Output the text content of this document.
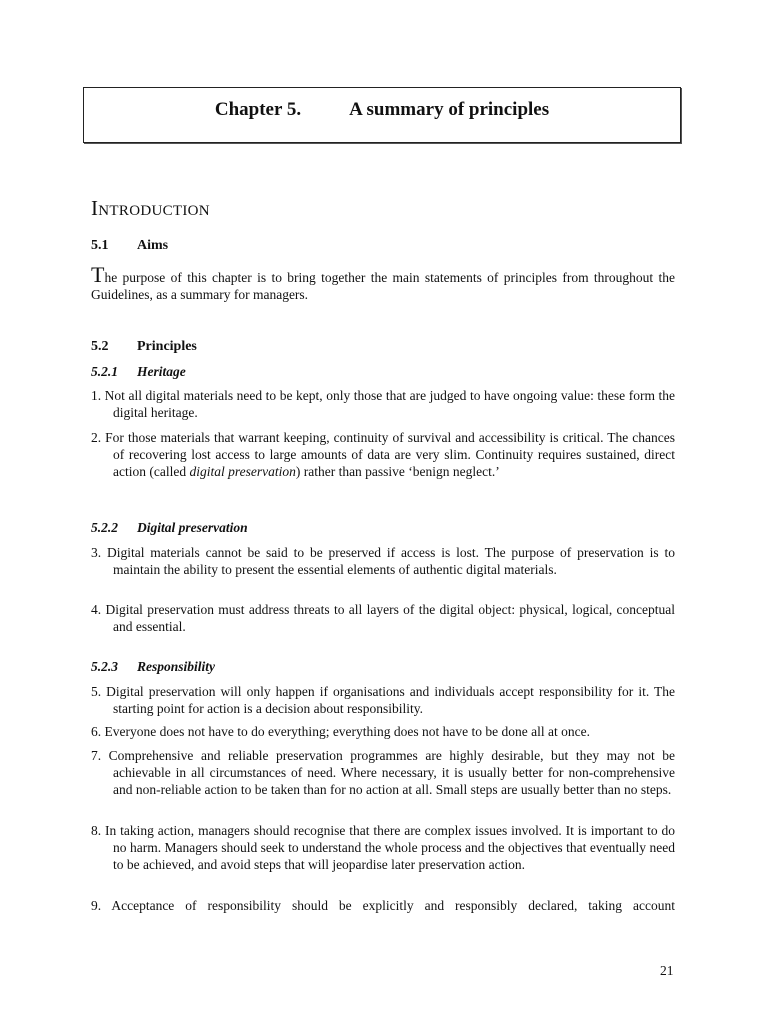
Chapter 5.	A summary of principles
Introduction
5.1	Aims
The purpose of this chapter is to bring together the main statements of principles from throughout the Guidelines, as a summary for managers.
5.2	Principles
5.2.1	Heritage
1. Not all digital materials need to be kept, only those that are judged to have ongoing value: these form the digital heritage.
2. For those materials that warrant keeping, continuity of survival and accessibility is critical. The chances of recovering lost access to large amounts of data are very slim. Continuity requires sustained, direct action (called digital preservation) rather than passive ‘benign neglect.’
5.2.2	Digital preservation
3. Digital materials cannot be said to be preserved if access is lost. The purpose of preservation is to maintain the ability to present the essential elements of authentic digital materials.
4. Digital preservation must address threats to all layers of the digital object: physical, logical, conceptual and essential.
5.2.3	Responsibility
5. Digital preservation will only happen if organisations and individuals accept responsibility for it. The starting point for action is a decision about responsibility.
6. Everyone does not have to do everything; everything does not have to be done all at once.
7. Comprehensive and reliable preservation programmes are highly desirable, but they may not be achievable in all circumstances of need. Where necessary, it is usually better for non-comprehensive and non-reliable action to be taken than for no action at all. Small steps are usually better than no steps.
8. In taking action, managers should recognise that there are complex issues involved. It is important to do no harm. Managers should seek to understand the whole process and the objectives that eventually need to be achieved, and avoid steps that will jeopardise later preservation action.
9. Acceptance of responsibility should be explicitly and responsibly declared, taking account
21
